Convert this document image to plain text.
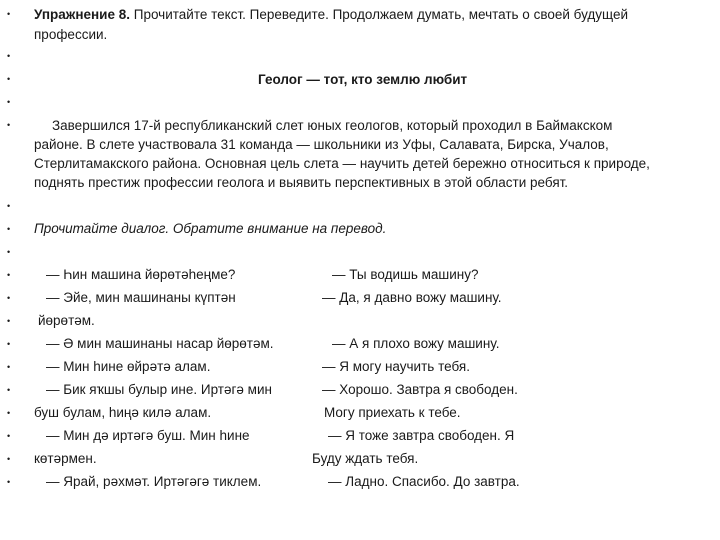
•
•
•
•
•
•
•
•
•
•
•
•
•
•
•
•
•
•
Упражнение 8. Прочитайте текст. Переведите. Продолжаем думать, мечтать о своей будущей
профессии.
Геолог — тот, кто землю любит
Завершился 17-й республиканский слет юных геологов, который проходил в Баймакском
районе. В слете участвовала 31 команда — школьники из Уфы, Салавата, Бирска, Учалов,
Стерлитамакского района. Основная цель слета — научить детей бережно относиться к природе,
поднять престиж профессии геолога и выявить перспективных в этой области ребят.
Прочитайте диалог. Обратите внимание на перевод.
— Һин машина йөрөтәһеңме?
— Эйе, мин машинаны күптән
йөрөтәм.
— Ә мин машинаны насар йөрөтәм.
— Мин һине өйрәтә алам.
— Бик яҡшы булыр ине. Иртәгә мин
буш булам, һиңә килә алам.
— Мин дә иртәгә буш. Мин һине
көтәрмен.
— Ярай, рәхмәт. Иртәгәгә тиклем.
— Ты водишь машину?
— Да, я давно вожу машину.
— А я плохо вожу машину.
— Я могу научить тебя.
— Хорошо. Завтра я свободен.
Могу приехать к тебе.
— Я тоже завтра свободен. Я
Буду ждать тебя.
— Ладно. Спасибо. До завтра.
